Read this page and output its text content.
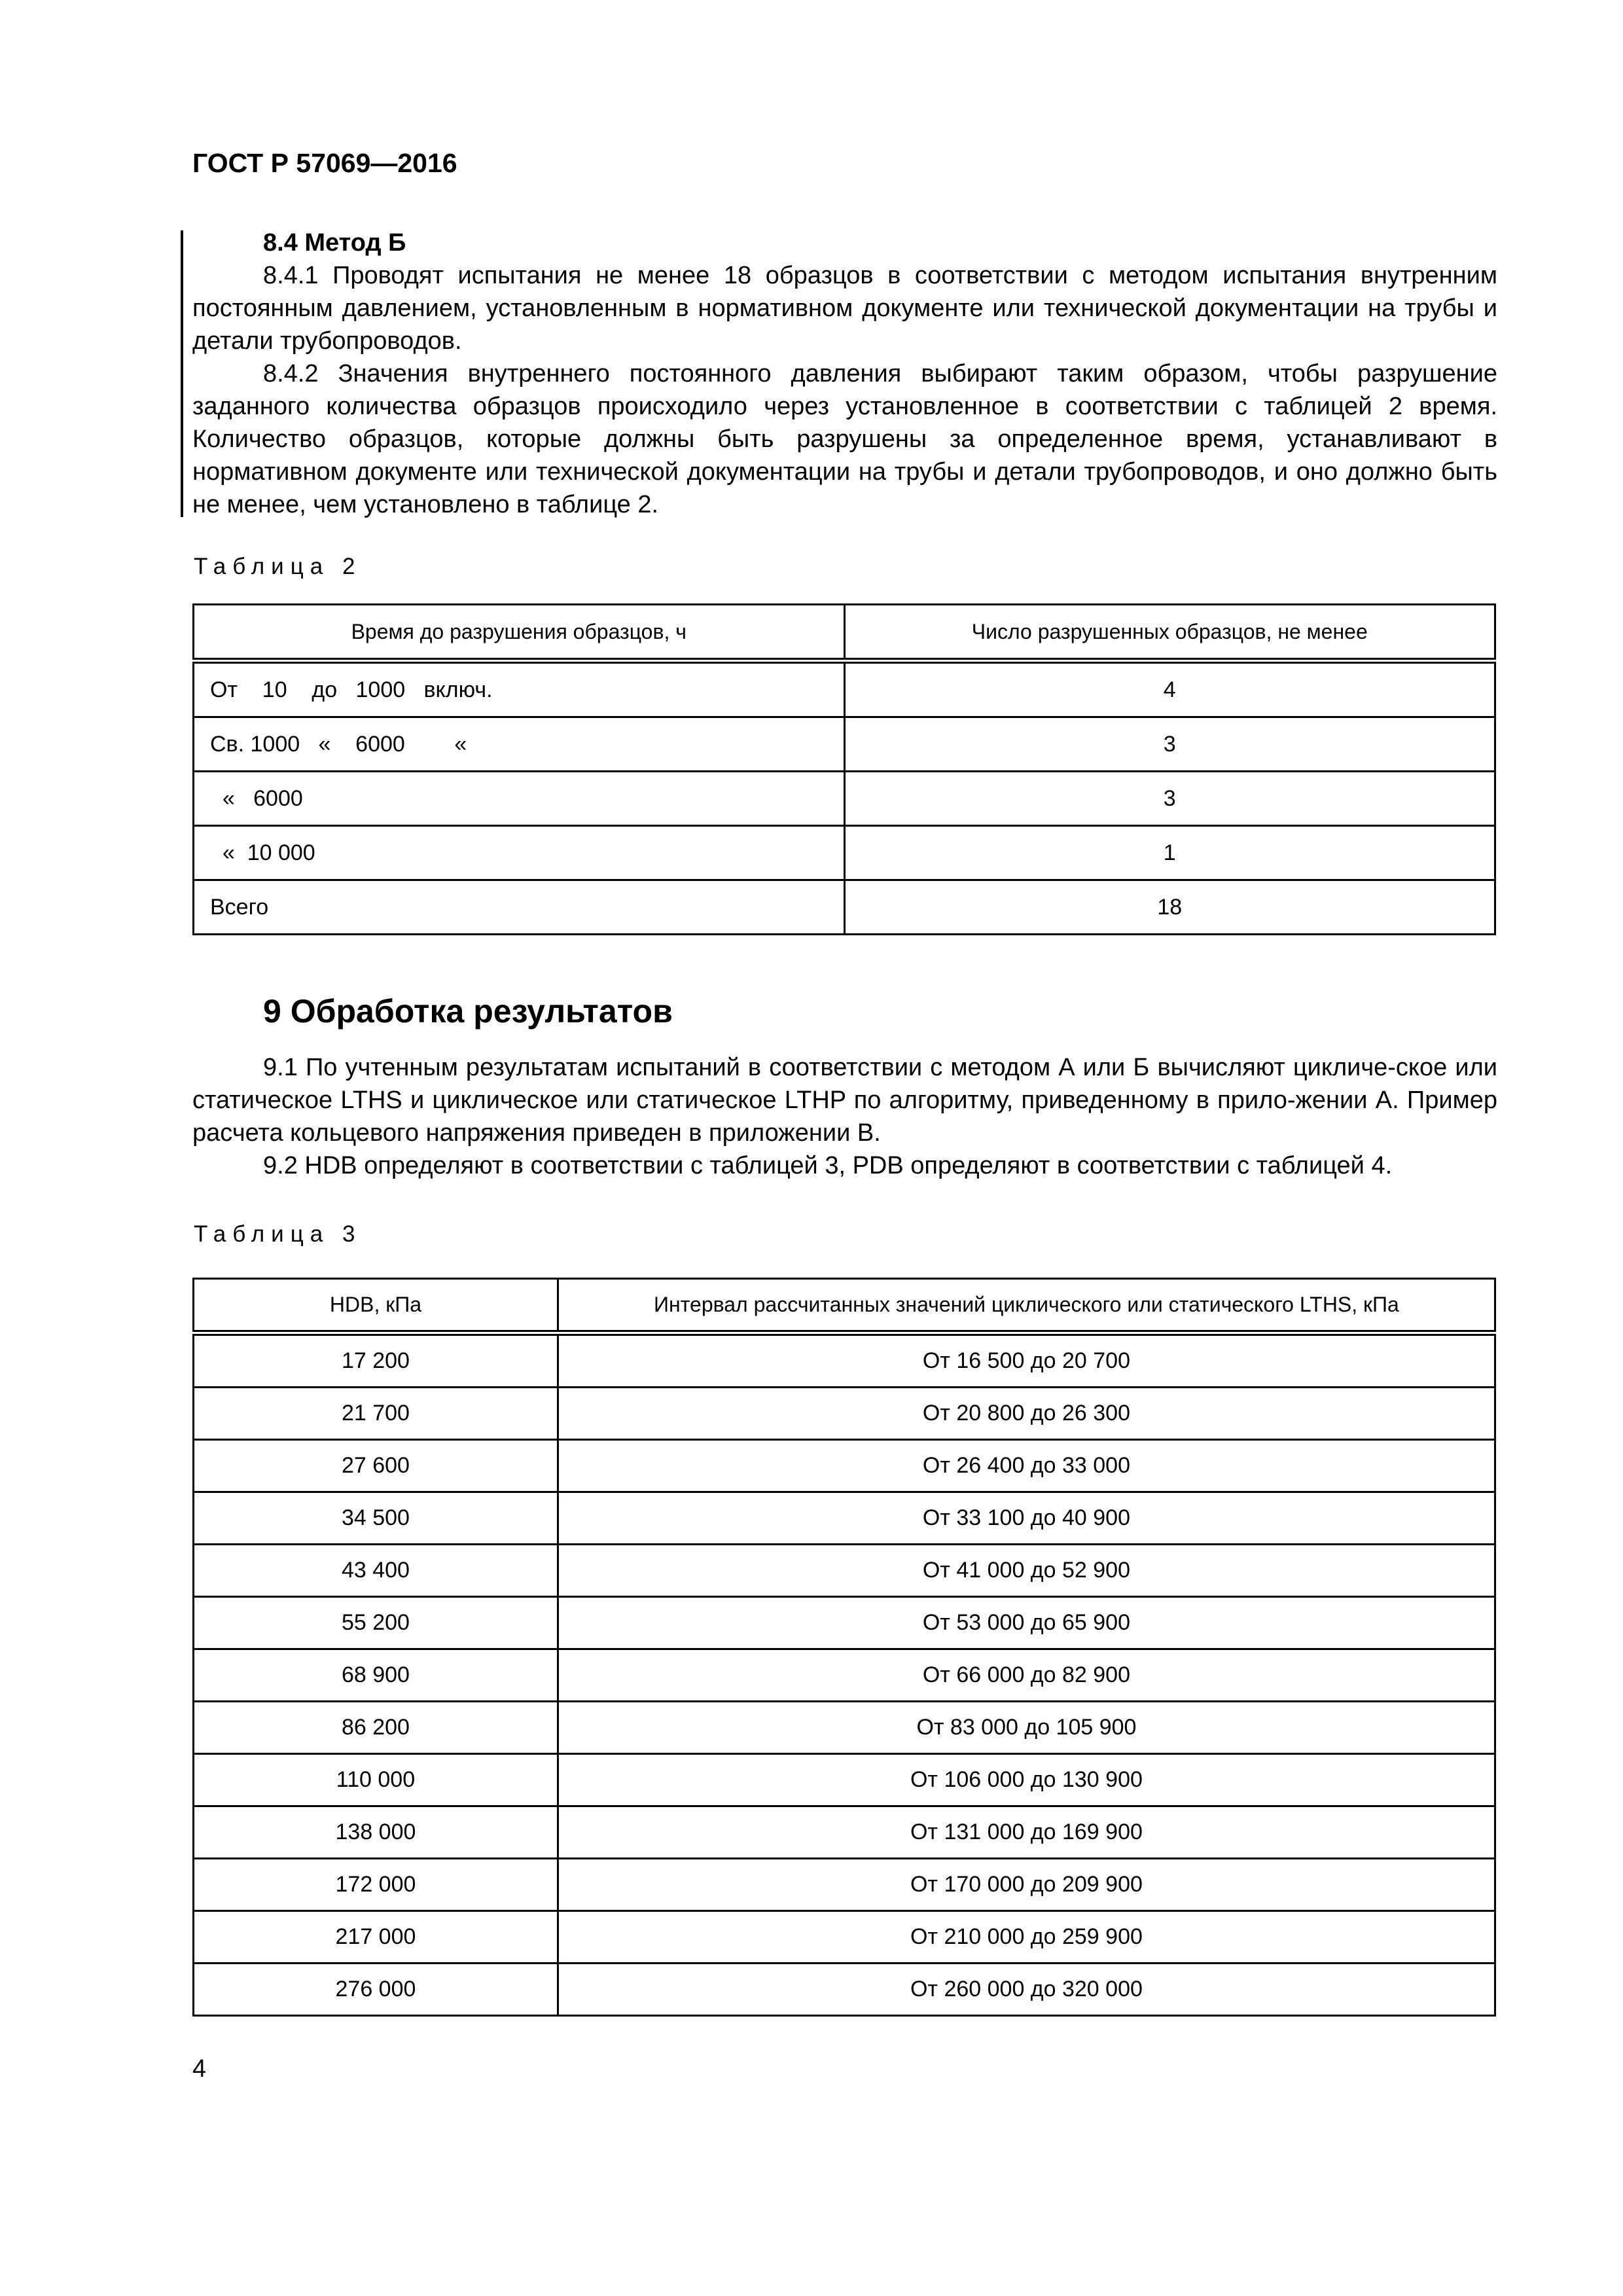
ГОСТ Р 57069—2016
8.4 Метод Б

8.4.1 Проводят испытания не менее 18 образцов в соответствии с методом испытания внутренним постоянным давлением, установленным в нормативном документе или технической документации на трубы и детали трубопроводов.

8.4.2 Значения внутреннего постоянного давления выбирают таким образом, чтобы разрушение заданного количества образцов происходило через установленное в соответствии с таблицей 2 время. Количество образцов, которые должны быть разрушены за определенное время, устанавливают в нормативном документе или технической документации на трубы и детали трубопроводов, и оно должно быть не менее, чем установлено в таблице 2.

Таблица 2
Время до разрушения образцов, ч	Число разрушенных образцов, не менее
От    10    до   1000   включ.	4
Св. 1000   «    6000        «	3
«   6000	3
«  10 000	1
Всего	18
9 Обработка результатов

9.1 По учтенным результатам испытаний в соответствии с методом А или Б вычисляют цикличе-ское или статическое LTHS и циклическое или статическое LTHP по алгоритму, приведенному в прило-жении А. Пример расчета кольцевого напряжения приведен в приложении В.

9.2 HDB определяют в соответствии с таблицей 3, PDB определяют в соответствии с таблицей 4.

Таблица 3
HDB, кПа	Интервал рассчитанных значений циклического или статического LTHS, кПа
17 200	От 16 500 до 20 700
21 700	От 20 800 до 26 300
27 600	От 26 400 до 33 000
34 500	От 33 100 до 40 900
43 400	От 41 000 до 52 900
55 200	От 53 000 до 65 900
68 900	От 66 000 до 82 900
86 200	От 83 000 до 105 900
110 000	От 106 000 до 130 900
138 000	От 131 000 до 169 900
172 000	От 170 000 до 209 900
217 000	От 210 000 до 259 900
276 000	От 260 000 до 320 000
4
